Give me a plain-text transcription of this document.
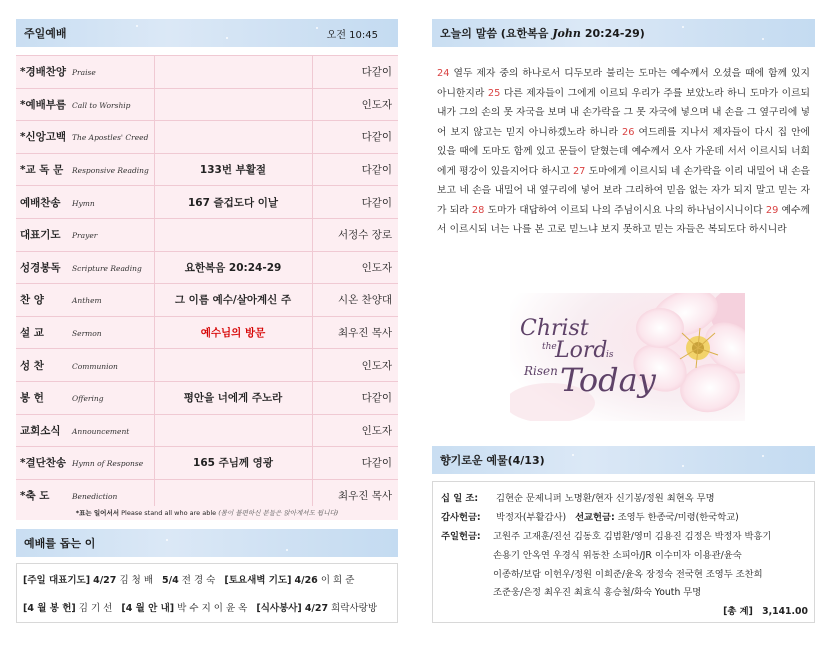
주일예배	오전 10:45
*경배찬양 Praise		다같이
*예배부름 Call to Worship		인도자
*신앙고백 The Apostles' Creed		다같이
*교 독 문 Responsive Reading	133번 부활절	다같이
예배찬송 Hymn	167 즐겁도다 이날	다같이
대표기도 Prayer		서정수 장로
성경봉독 Scripture Reading	요한복음 20:24-29	인도자
찬 양 Anthem	그 이름 예수/살아계신 주	시온 찬양대
설 교 Sermon	예수님의 방문	최우진 목사
성 찬 Communion		인도자
봉 헌 Offering	평안을 너에게 주노라	다같이
교회소식 Announcement		인도자
*결단찬송 Hymn of Response	165 주님께 영광	다같이
*축 도 Benediction		최우진 목사
*표는 일어서서 Please stand all who are able (몸이 불편하신 분들은 앉아계셔도 됩니다)
예배를 돕는 이
[주일 대표기도] 4/27 김 청 배 5/4 전 경 숙 [토요새벽 기도] 4/26 이 희 준
[4 월 봉 헌] 김 기 선 [4 월 안 내] 박 수 지 이 윤 옥 [식사봉사] 4/27 희락사랑방
오늘의 말씀 (요한복음 John 20:24-29)
24 열두 제자 중의 하나로서 디두모라 불리는 도마는 예수께서 오셨을 때에 함께 있지 아니한지라 25 다른 제자들이 그에게 이르되 우리가 주를 보았노라 하니 도마가 이르되 내가 그의 손의 못 자국을 보며 내 손가락을 그 못 자국에 넣으며 내 손을 그 옆구리에 넣어 보지 않고는 믿지 아니하겠노라 하니라 26 여드레를 지나서 제자들이 다시 집 안에 있을 때에 도마도 함께 있고 문들이 닫혔는데 예수께서 오사 가운데 서서 이르시되 너희에게 평강이 있을지어다 하시고 27 도마에게 이르시되 네 손가락을 이리 내밀어 내 손을 보고 네 손을 내밀어 내 옆구리에 넣어 보라 그리하여 믿음 없는 자가 되지 말고 믿는 자가 되라 28 도마가 대답하여 이르되 나의 주님이시요 나의 하나님이시니이다 29 예수께서 이르시되 너는 나를 본 고로 믿느냐 보지 못하고 믿는 자들은 복되도다 하시니라
Christ
the
Lord
is
Risen Today
향기로운 예물(4/13)
십 일 조: 김현순 문제니퍼 노명환/현자 신기봉/정원 최현옥 무명
감사헌금: 박정자(부활감사) 선교헌금: 조영두 한종국/미령(한국학교)
주일헌금:	고원주 고재훈/진선 김동호 김범환/영미 김용진 김정은 박정자 박흥기
손용기 안옥연 우경식 위동찬 소피아/JR 이수미자 이용관/윤숙
이종하/보람 이헌우/정원 이희준/윤옥 장정숙 전국현 조영두 조찬희
조준웅/은정 최우진 최효식 홍승철/화숙 Youth 무명
[총 계] 3,141.00
